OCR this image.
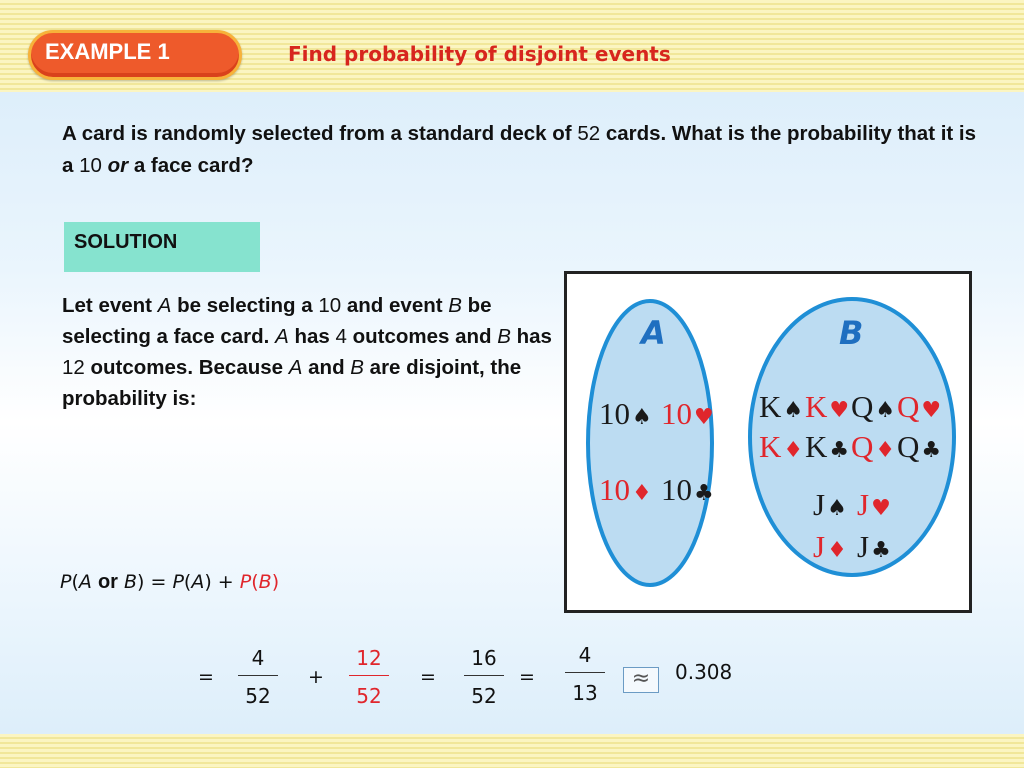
EXAMPLE 1	Find probability of disjoint events
A card is randomly selected from a standard deck of 52 cards. What is the probability that it is a 10 or a face card?
SOLUTION
Let event A be selecting a 10 and event B be selecting a face card. A has 4 outcomes and B has 12 outcomes. Because A and B are disjoint, the probability is:
A	B
10♠ 10♥
10♦ 10♣
K♠ K♥ Q♠ Q♥
K♦ K♣ Q♦ Q♣
J♠ J♥
J♦ J♣
P(A or B) = P(A) + P(B)
=
4
52
+
12
52
=
16
52
=
4
13
≈	0.308
